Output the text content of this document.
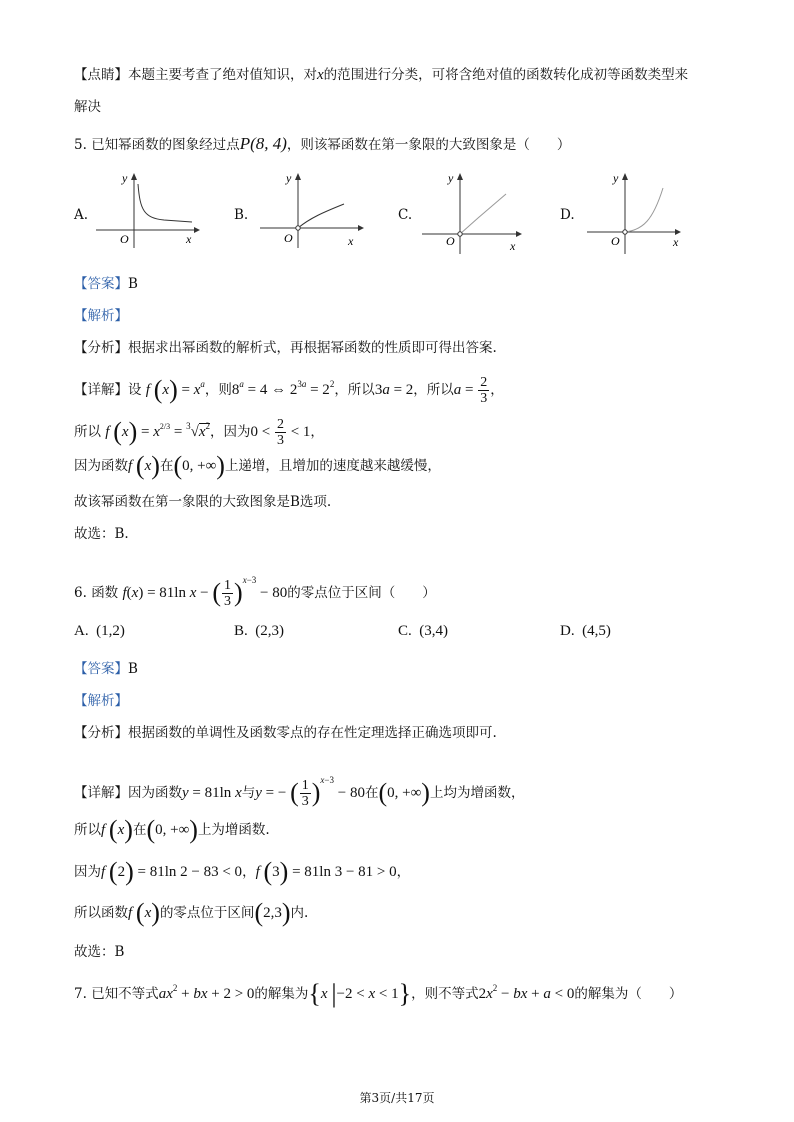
【点睛】本题主要考查了绝对值知识，对x的范围进行分类，可将含绝对值的函数转化成初等函数类型来
解决
5. 已知幂函数的图象经过点P(8, 4)，则该幂函数在第一象限的大致图象是（　　）
A.
y
O	x
B.
y
O	x
C.
y
O	x
D.
y
O	x
【答案】B
【解析】
【分析】根据求出幂函数的解析式，再根据幂函数的性质即可得出答案.
【详解】设 f $(x) = x^a$，则$8^a = 4$ ⇔ $2^{3a} = 2^2$，所以3a = 2，所以$a = \frac{2}{3}$ ，
所以 f $(x) = x^{2/3} = ^3√x^2$，因为$0 < \frac{2}{3} < 1$，
因为函数f (x)在(0, +∞)上递增，且增加的速度越来越缓慢，
故该幂函数在第一象限的大致图象是B选项.
故选：B.
6. 函数 f(x) = 81ln x − ( $\frac{1}{3} )^{x-3} - 80$的零点位于区间（　　）
A. (1,2)	B. (2,3)	C. (3,4)	D. (4,5)
【答案】B
【解析】
【分析】根据函数的单调性及函数零点的存在性定理选择正确选项即可.
【详解】因为函数y = 81ln x与y = − ( $\frac{1}{3} )^{x-3} - 80$在(0, +∞)上均为增函数，
所以f (x)在(0, +∞)上为增函数.
因为f (2) = 81ln 2 − 83 < 0，f (3) = 81ln 3 − 81 > 0，
所以函数f (x)的零点位于区间(2,3)内.
故选：B
7. 已知不等式$ax^2$ + bx + 2 > 0的解集为{x |−2 < x < 1}，则不等式$2x^2$ − bx + a < 0的解集为（　　）
第3页/共17页
